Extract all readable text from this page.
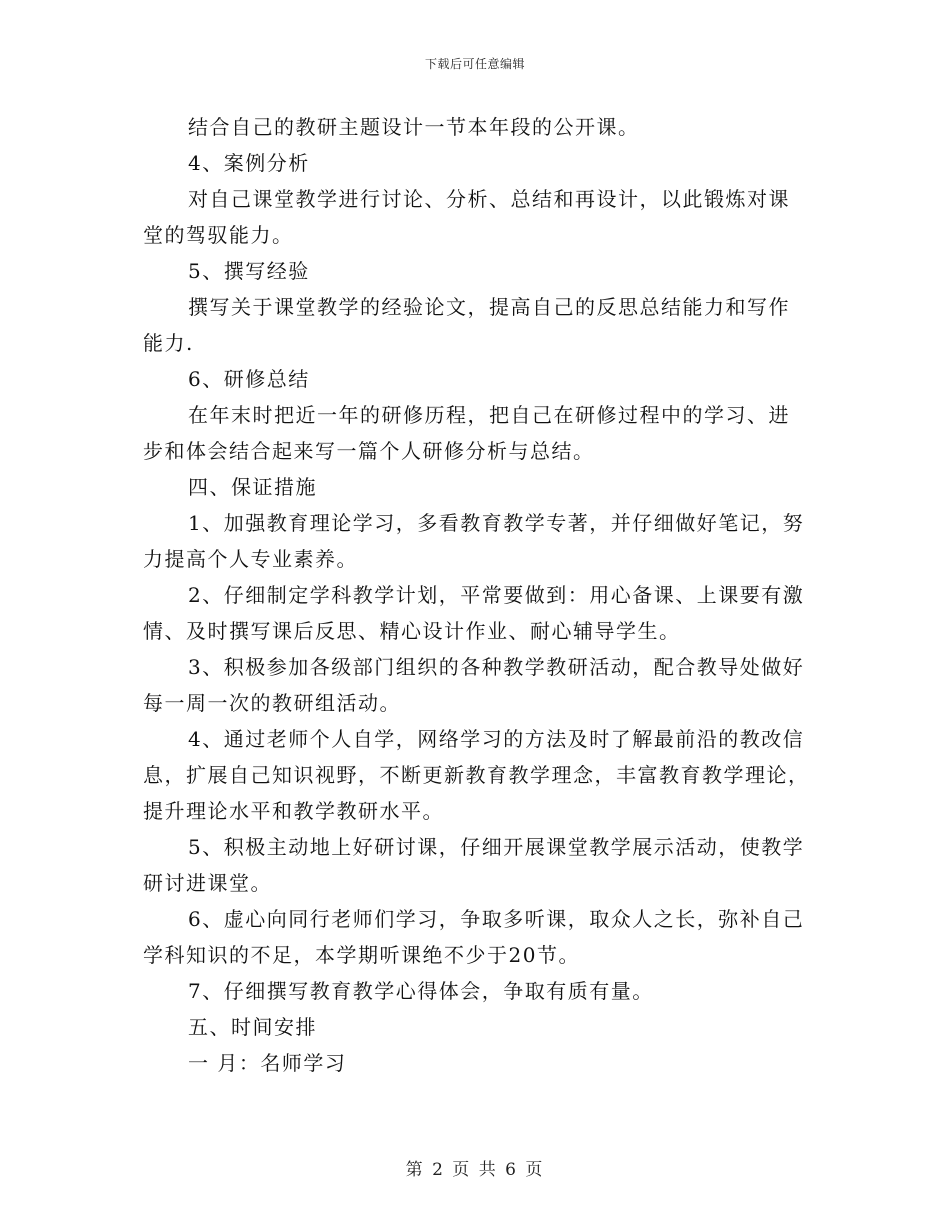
下载后可任意编辑
结合自己的教研主题设计一节本年段的公开课。
4、案例分析
对自己课堂教学进行讨论、分析、总结和再设计，以此锻炼对课
堂的驾驭能力。
5、撰写经验
撰写关于课堂教学的经验论文，提高自己的反思总结能力和写作
能力.
6、研修总结
在年末时把近一年的研修历程，把自己在研修过程中的学习、进
步和体会结合起来写一篇个人研修分析与总结。
四、保证措施
1、加强教育理论学习，多看教育教学专著，并仔细做好笔记，努
力提高个人专业素养。
2、仔细制定学科教学计划，平常要做到：用心备课、上课要有激
情、及时撰写课后反思、精心设计作业、耐心辅导学生。
3、积极参加各级部门组织的各种教学教研活动，配合教导处做好
每一周一次的教研组活动。
4、通过老师个人自学，网络学习的方法及时了解最前沿的教改信
息，扩展自己知识视野，不断更新教育教学理念，丰富教育教学理论，
提升理论水平和教学教研水平。
5、积极主动地上好研讨课，仔细开展课堂教学展示活动，使教学
研讨进课堂。
6、虚心向同行老师们学习，争取多听课，取众人之长，弥补自己
学科知识的不足，本学期听课绝不少于20节。
7、仔细撰写教育教学心得体会，争取有质有量。
五、时间安排
一 月：名师学习
第 2 页 共 6 页
